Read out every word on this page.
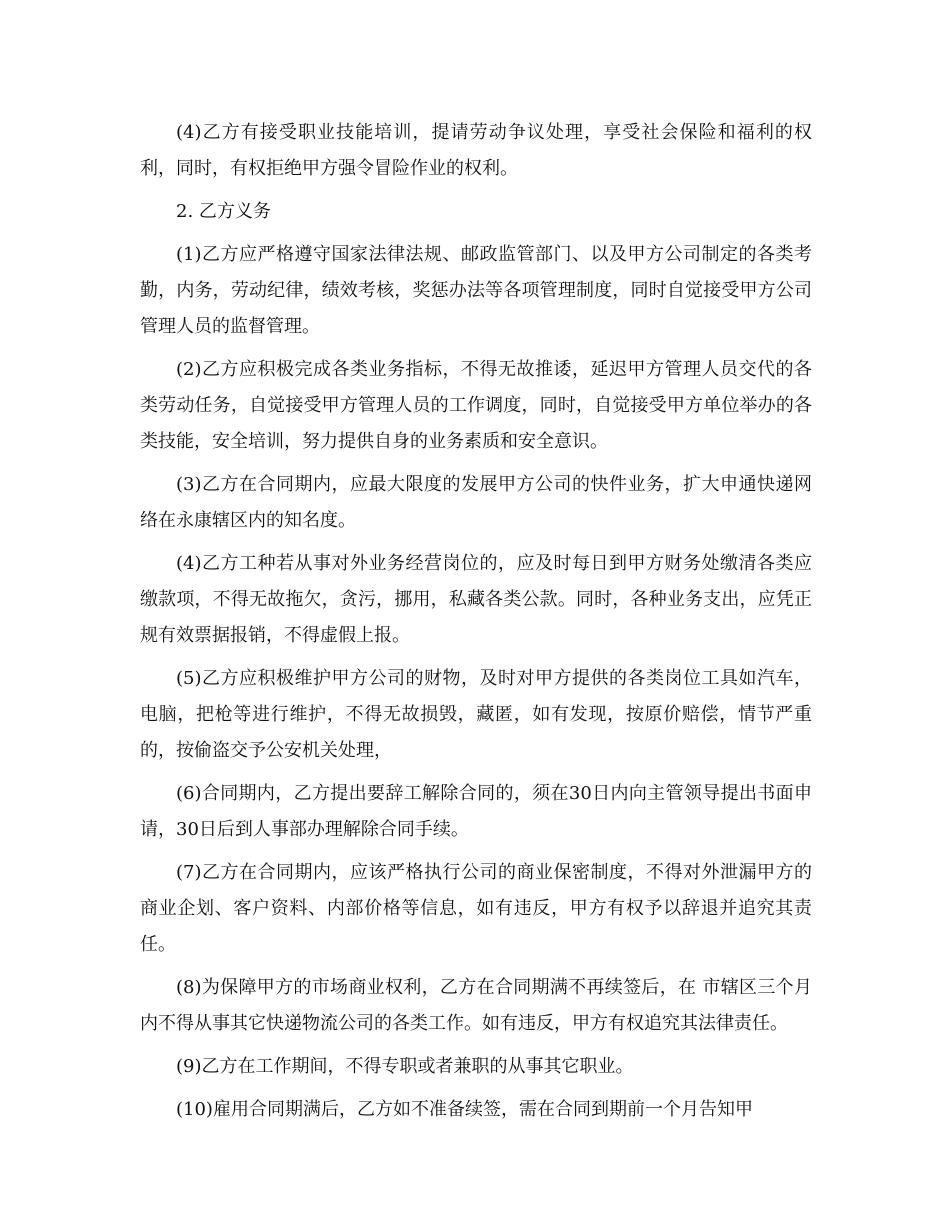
(4)乙方有接受职业技能培训，提请劳动争议处理，享受社会保险和福利的权利，同时，有权拒绝甲方强令冒险作业的权利。

2. 乙方义务

(1)乙方应严格遵守国家法律法规、邮政监管部门、以及甲方公司制定的各类考勤，内务，劳动纪律，绩效考核，奖惩办法等各项管理制度，同时自觉接受甲方公司管理人员的监督管理。

(2)乙方应积极完成各类业务指标，不得无故推诿，延迟甲方管理人员交代的各类劳动任务，自觉接受甲方管理人员的工作调度，同时，自觉接受甲方单位举办的各类技能，安全培训，努力提供自身的业务素质和安全意识。

(3)乙方在合同期内，应最大限度的发展甲方公司的快件业务，扩大申通快递网络在永康辖区内的知名度。

(4)乙方工种若从事对外业务经营岗位的，应及时每日到甲方财务处缴清各类应缴款项，不得无故拖欠，贪污，挪用，私藏各类公款。同时，各种业务支出，应凭正规有效票据报销，不得虚假上报。

(5)乙方应积极维护甲方公司的财物，及时对甲方提供的各类岗位工具如汽车，电脑，把枪等进行维护，不得无故损毁，藏匿，如有发现，按原价赔偿，情节严重的，按偷盗交予公安机关处理，

(6)合同期内，乙方提出要辞工解除合同的，须在30日内向主管领导提出书面申请，30日后到人事部办理解除合同手续。

(7)乙方在合同期内，应该严格执行公司的商业保密制度，不得对外泄漏甲方的商业企划、客户资料、内部价格等信息，如有违反，甲方有权予以辞退并追究其责任。

(8)为保障甲方的市场商业权利，乙方在合同期满不再续签后，在 市辖区三个月内不得从事其它快递物流公司的各类工作。如有违反，甲方有权追究其法律责任。

(9)乙方在工作期间，不得专职或者兼职的从事其它职业。

(10)雇用合同期满后，乙方如不准备续签，需在合同到期前一个月告知甲
